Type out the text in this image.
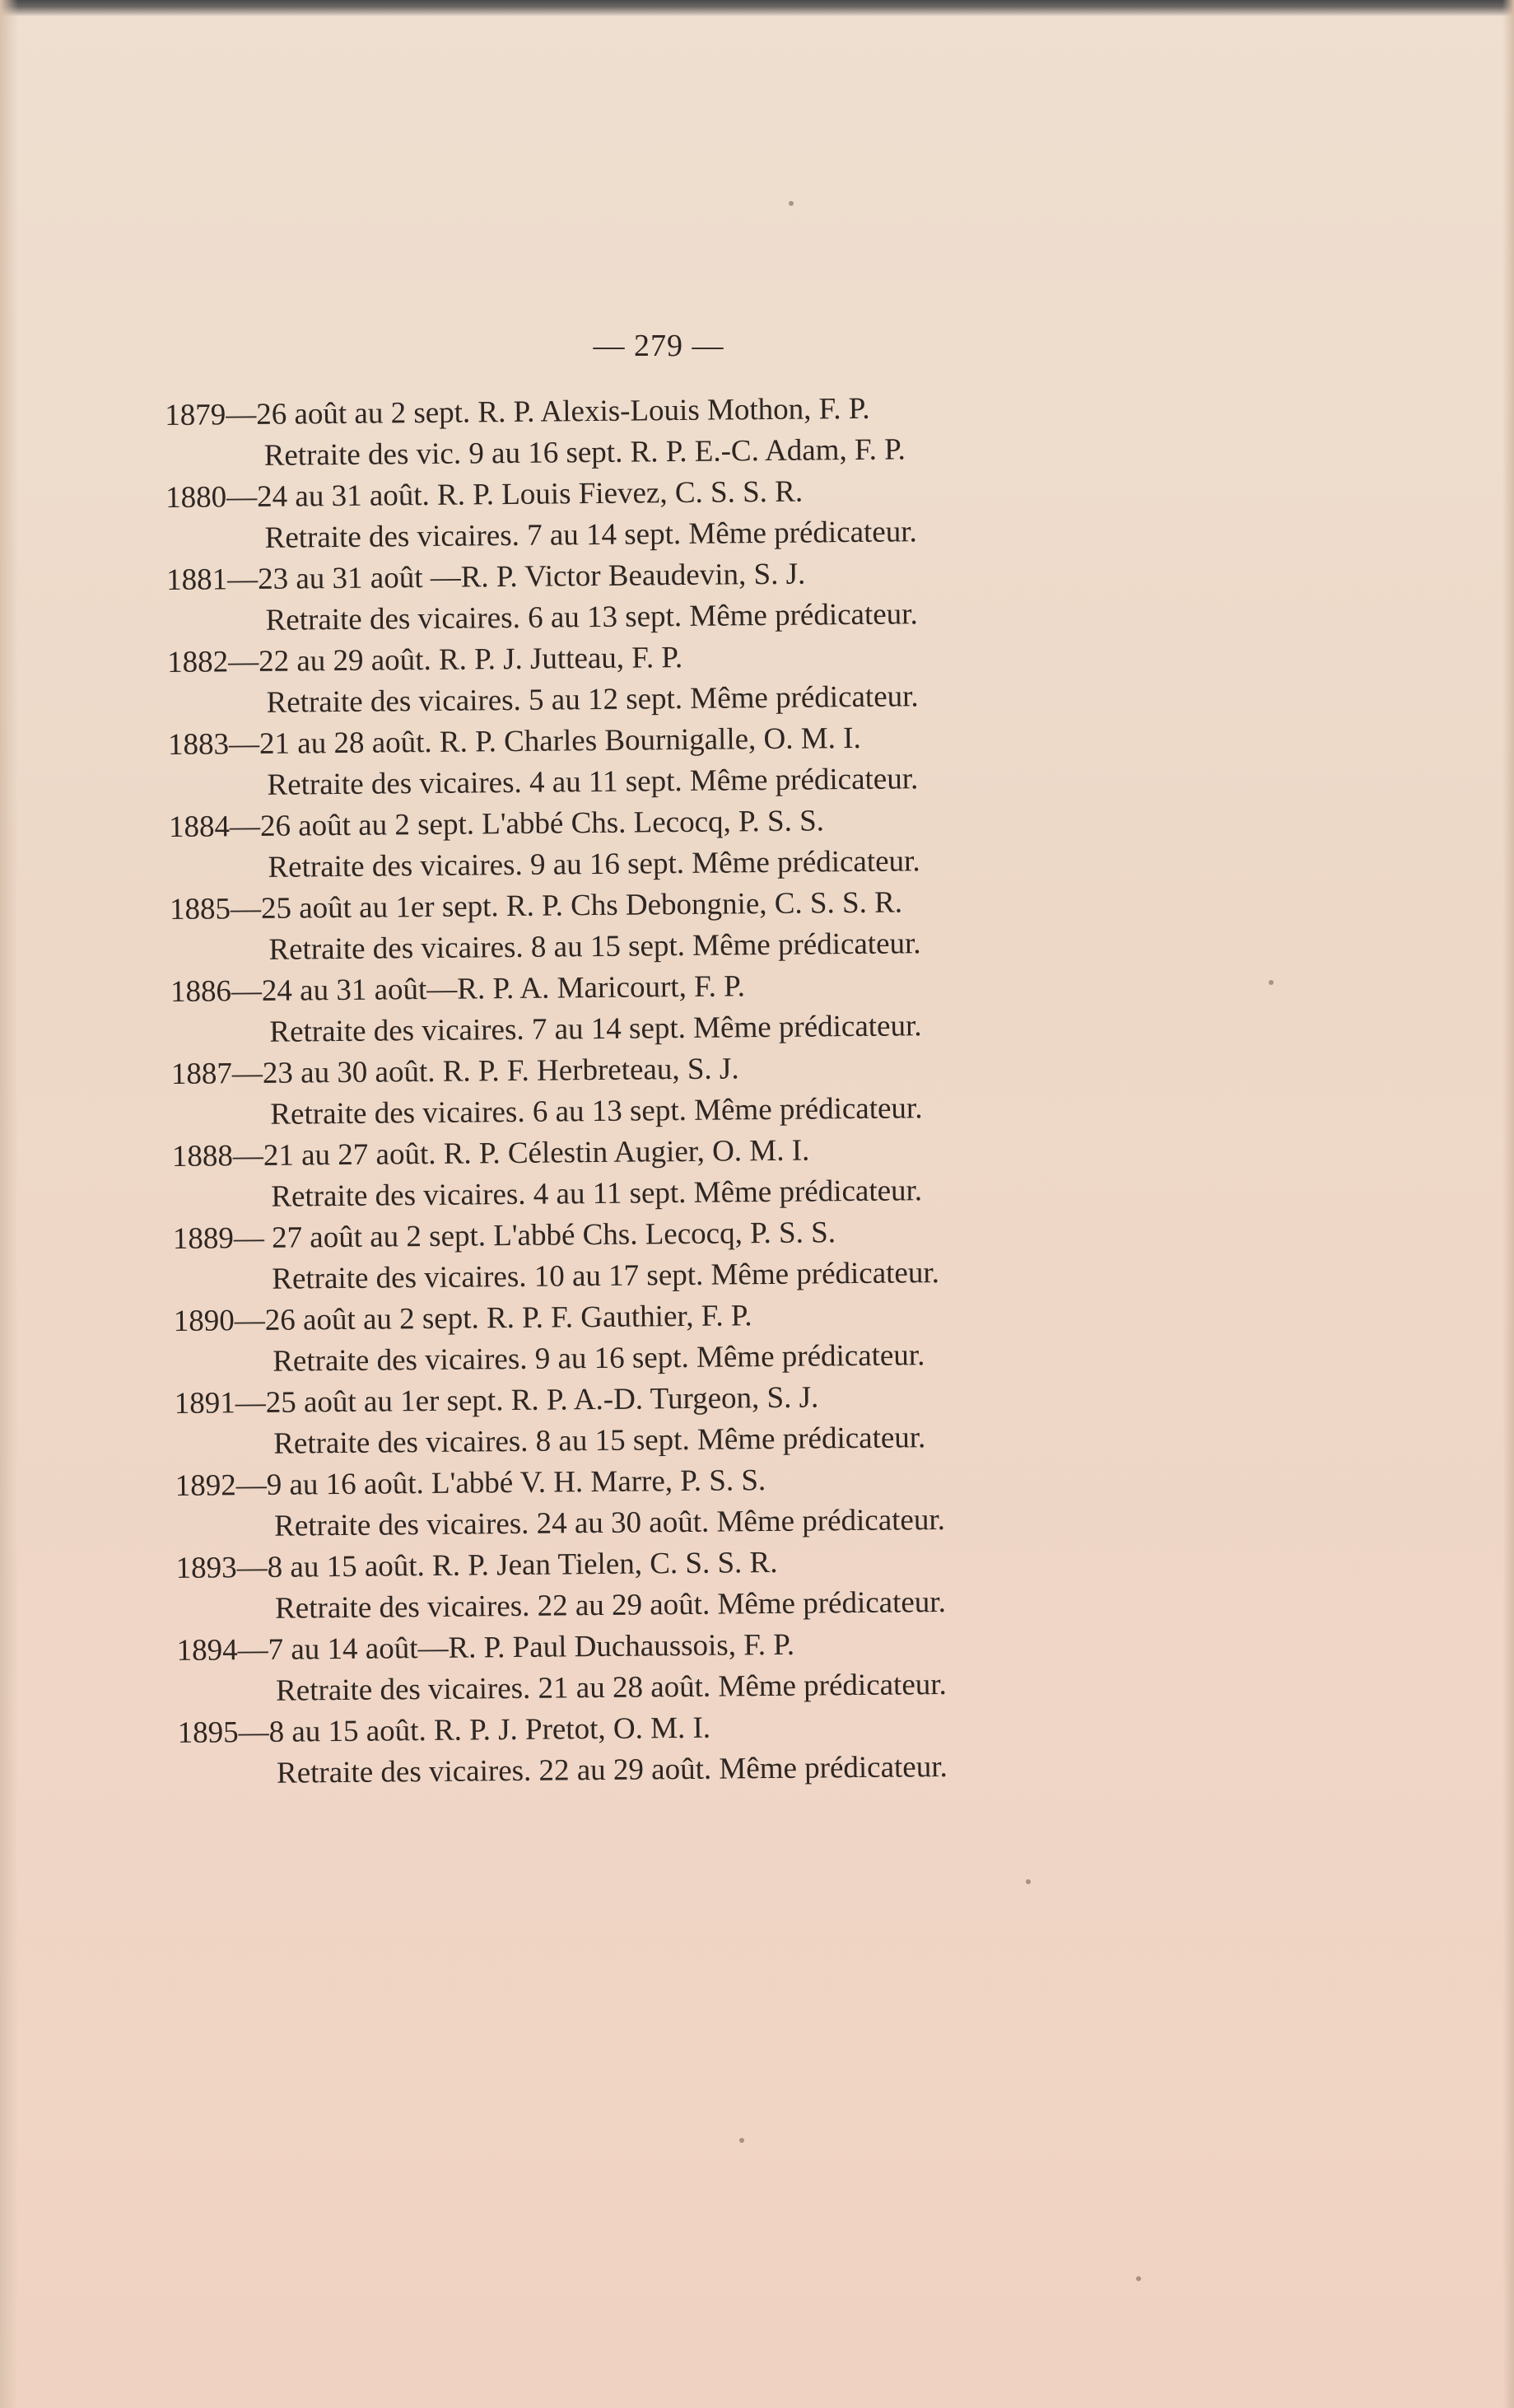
— 279 —
1879—26 août au 2 sept. R. P. Alexis-Louis Mothon, F. P.
Retraite des vic. 9 au 16 sept. R. P. E.-C. Adam, F. P.
1880—24 au 31 août. R. P. Louis Fievez, C. S. S. R.
Retraite des vicaires. 7 au 14 sept. Même prédicateur.
1881—23 au 31 août —R. P. Victor Beaudevin, S. J.
Retraite des vicaires. 6 au 13 sept. Même prédicateur.
1882—22 au 29 août. R. P. J. Jutteau, F. P.
Retraite des vicaires. 5 au 12 sept. Même prédicateur.
1883—21 au 28 août. R. P. Charles Bournigalle, O. M. I.
Retraite des vicaires. 4 au 11 sept. Même prédicateur.
1884—26 août au 2 sept. L'abbé Chs. Lecocq, P. S. S.
Retraite des vicaires. 9 au 16 sept. Même prédicateur.
1885—25 août au 1er sept. R. P. Chs Debongnie, C. S. S. R.
Retraite des vicaires. 8 au 15 sept. Même prédicateur.
1886—24 au 31 août—R. P. A. Maricourt, F. P.
Retraite des vicaires. 7 au 14 sept. Même prédicateur.
1887—23 au 30 août. R. P. F. Herbreteau, S. J.
Retraite des vicaires. 6 au 13 sept. Même prédicateur.
1888—21 au 27 août. R. P. Célestin Augier, O. M. I.
Retraite des vicaires. 4 au 11 sept. Même prédicateur.
1889— 27 août au 2 sept. L'abbé Chs. Lecocq, P. S. S.
Retraite des vicaires. 10 au 17 sept. Même prédicateur.
1890—26 août au 2 sept. R. P. F. Gauthier, F. P.
Retraite des vicaires. 9 au 16 sept. Même prédicateur.
1891—25 août au 1er sept. R. P. A.-D. Turgeon, S. J.
Retraite des vicaires. 8 au 15 sept. Même prédicateur.
1892—9 au 16 août. L'abbé V. H. Marre, P. S. S.
Retraite des vicaires. 24 au 30 août. Même prédicateur.
1893—8 au 15 août. R. P. Jean Tielen, C. S. S. R.
Retraite des vicaires. 22 au 29 août. Même prédicateur.
1894—7 au 14 août—R. P. Paul Duchaussois, F. P.
Retraite des vicaires. 21 au 28 août. Même prédicateur.
1895—8 au 15 août. R. P. J. Pretot, O. M. I.
Retraite des vicaires. 22 au 29 août. Même prédicateur.
